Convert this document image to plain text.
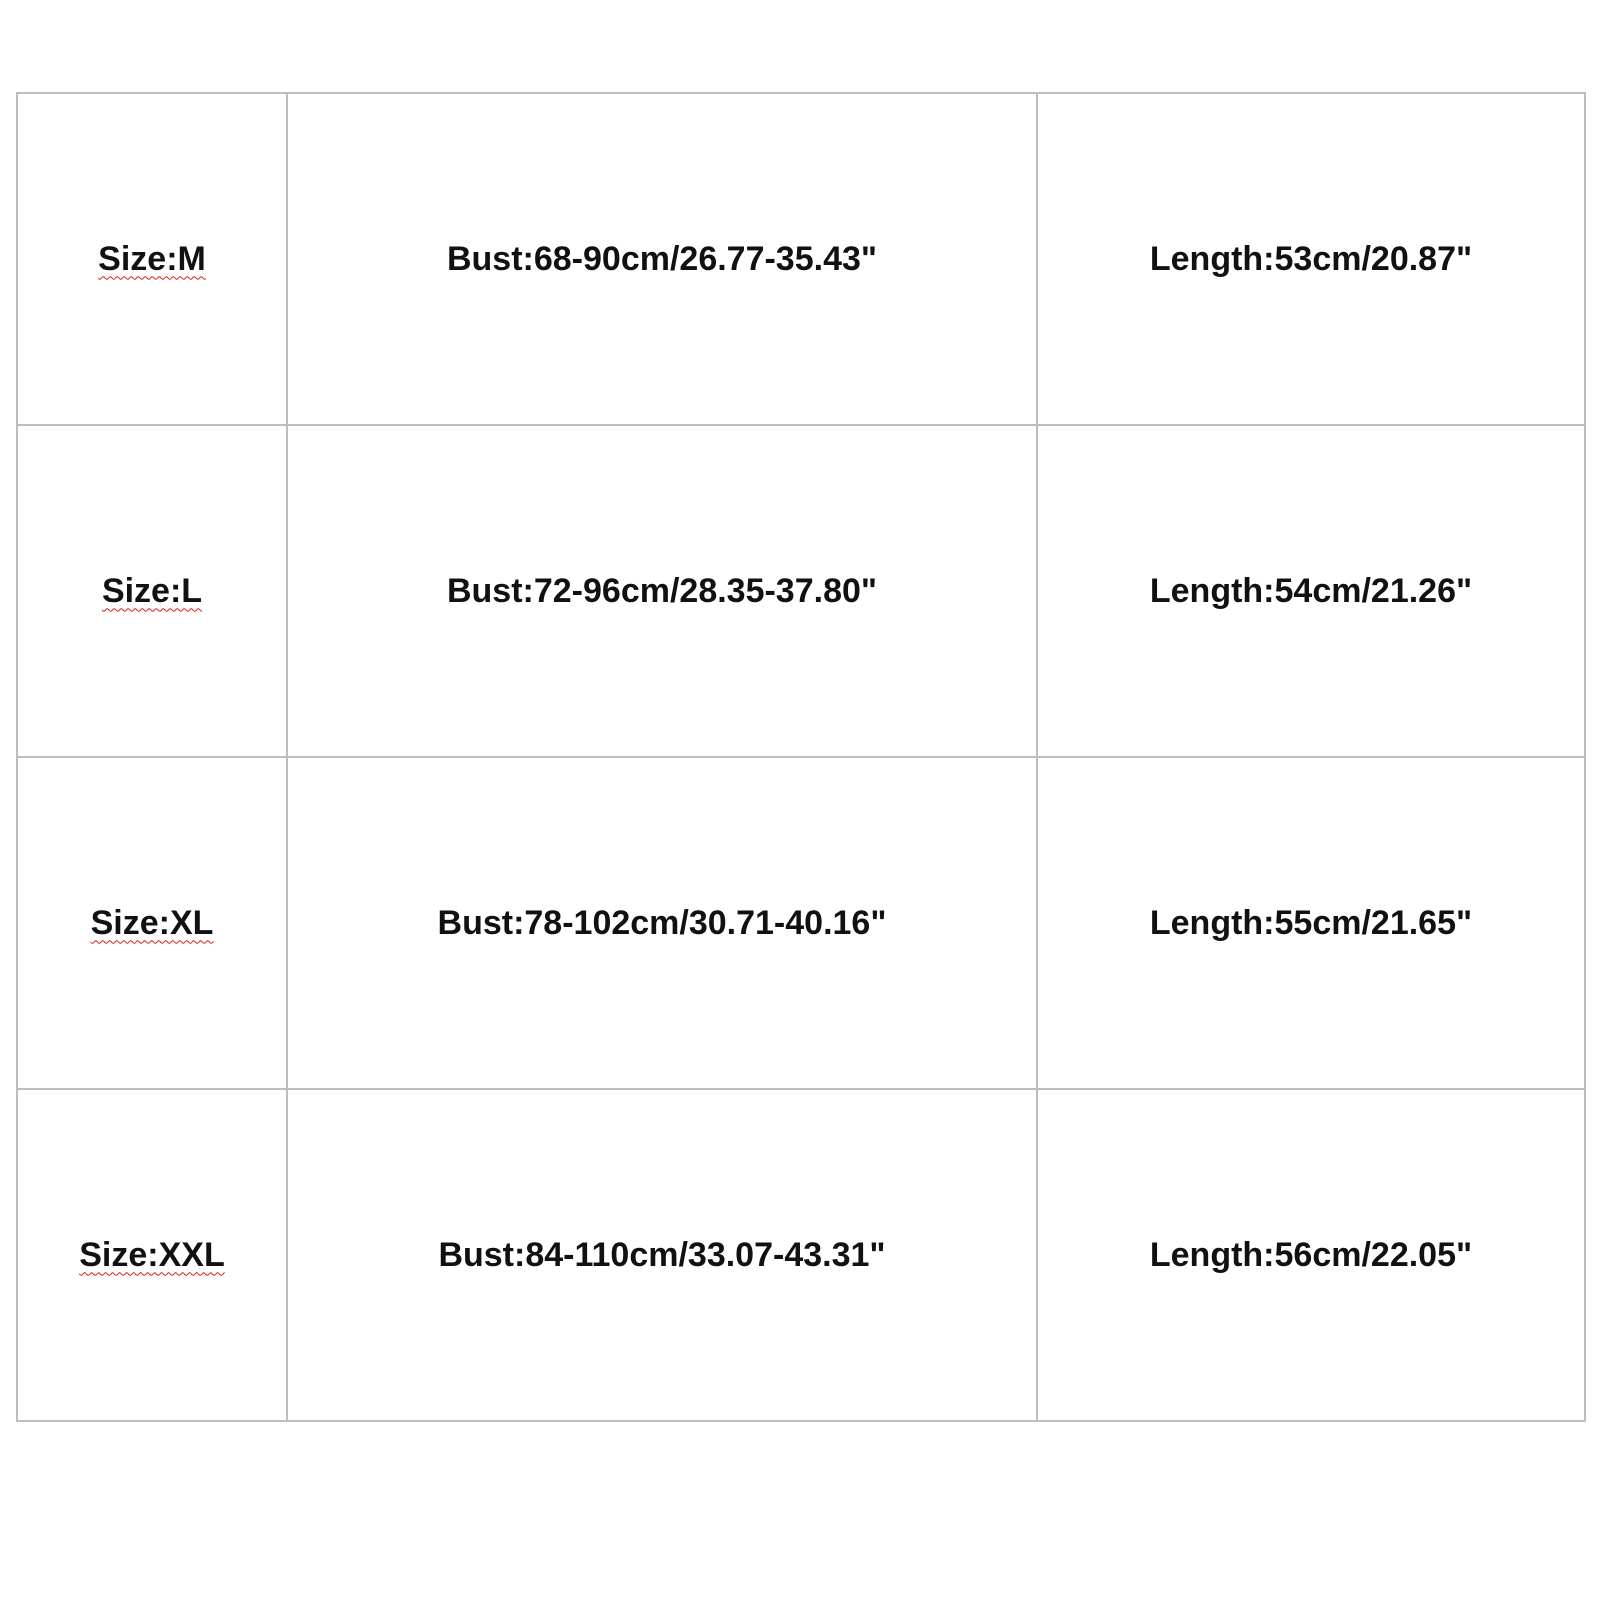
Size:M	Bust:68-90cm/26.77-35.43"	Length:53cm/20.87"
Size:L	Bust:72-96cm/28.35-37.80"	Length:54cm/21.26"
Size:XL	Bust:78-102cm/30.71-40.16"	Length:55cm/21.65"
Size:XXL	Bust:84-110cm/33.07-43.31"	Length:56cm/22.05"
